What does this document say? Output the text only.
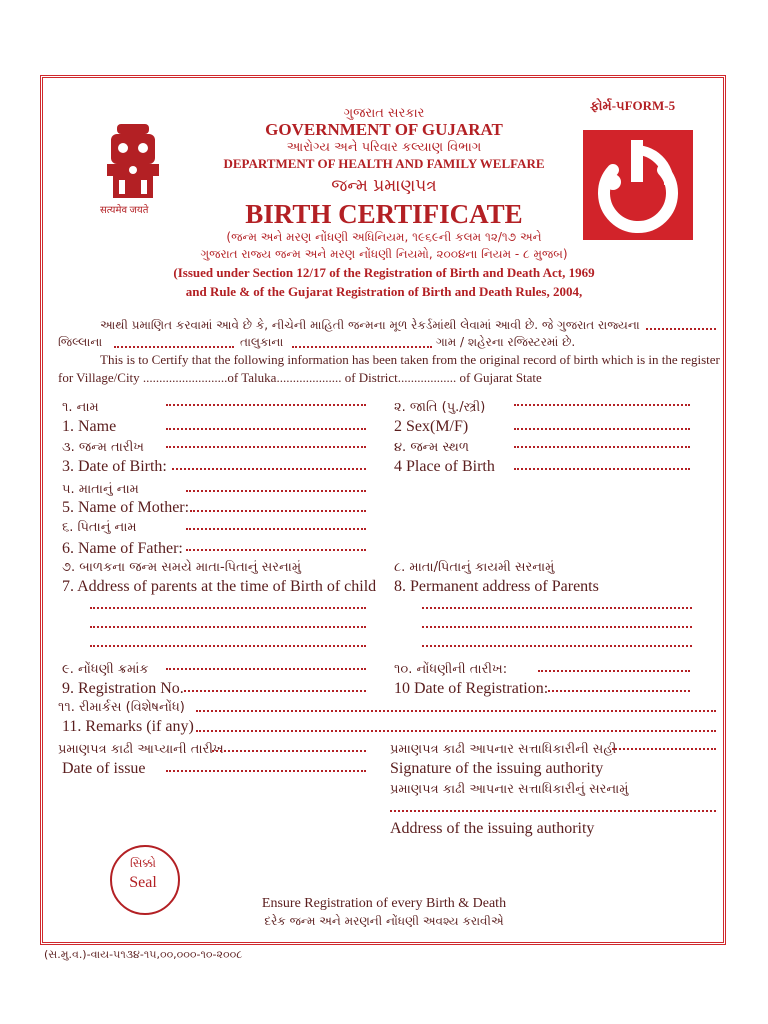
सत्यमेव जयते
ફોર્મ-૫FORM-5
ગુજરાત સરકાર
GOVERNMENT OF GUJARAT
આરોગ્ય અને પરિવાર કલ્યાણ વિભાગ
DEPARTMENT OF HEALTH AND FAMILY WELFARE
જન્મ પ્રમાણપત્ર
BIRTH CERTIFICATE
(જન્મ અને મરણ નોંધણી અધિનિયમ, ૧૯૬૯ની કલમ ૧૨/૧૭ અને
ગુજરાત રાજ્ય જન્મ અને મરણ નોંધણી નિયમો, ૨૦૦૪ના નિયમ - ૮ મુજબ)
(Issued under Section 12/17 of the Registration of Birth and Death Act, 1969
and Rule & of the Gujarat Registration of Birth and Death Rules, 2004,
આથી પ્રમાણિત કરવામાં આવે છે કે, નીચેની માહિતી જન્મના મૂળ રેકર્ડમાંથી લેવામાં આવી છે. જે ગુજરાત રાજ્યના
જિલ્લાના	તાલુકાના	ગામ / શહેરના રજિસ્ટરમાં છે.
This is to Certify that the following information has been taken from the original record of birth which is in the register
for Village/City ..........................of Taluka.................... of District.................. of Gujarat State
૧. નામ
1. Name
૩. જન્મ તારીખ
3. Date of Birth:
૫. માતાનું નામ
5. Name of Mother:
૬. પિતાનું નામ
6. Name of Father:
૭. બાળકના જન્મ સમયે માતા-પિતાનું સરનામું
7. Address of parents at the time of Birth of child
૯. નોંધણી ક્રમાંક
9. Registration No.
૧૧. રીમાર્કસ (વિશેષનોંધ)
11. Remarks (if any)
પ્રમાણપત્ર કાઢી આપ્યાની તારીખ
Date of issue
૨. જાતિ (પુ./સ્ત્રી)
2 Sex(M/F)
૪. જન્મ સ્થળ
4 Place of Birth
૮. માતા/પિતાનું કાયમી સરનામું
8. Permanent address of Parents
૧૦. નોંધણીની તારીખ:
10 Date of Registration:
પ્રમાણપત્ર કાઢી આપનાર સત્તાધિકારીની સહી
Signature of the issuing authority
પ્રમાણપત્ર કાઢી આપનાર સત્તાધિકારીનું સરનામું
Address of the issuing authority
સિક્કો
Seal
Ensure Registration of every Birth & Death
દરેક જન્મ અને મરણની નોંધણી અવશ્ય કરાવીએ
(સ.મુ.વ.)-વાય-૫૧૩૪-૧૫,૦૦,૦૦૦-૧૦-૨૦૦૮
